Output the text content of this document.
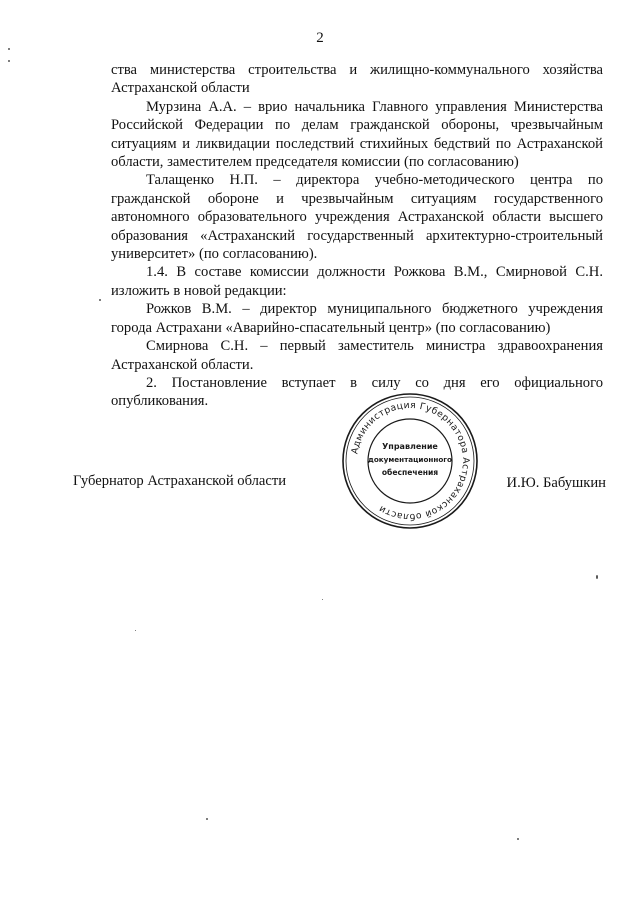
2

ства министерства строительства и жилищно-коммунального хозяйства Астраханской области

Мурзина А.А. – врио начальника Главного управления Министерства Российской Федерации по делам гражданской обороны, чрезвычайным ситуациям и ликвидации последствий стихийных бедствий по Астраханской области, заместителем председателя комиссии (по согласованию)

Талащенко Н.П. – директора учебно-методического центра по гражданской обороне и чрезвычайным ситуациям государственного автономного образовательного учреждения Астраханской области высшего образования «Астраханский государственный архитектурно-строительный университет» (по согласованию).

1.4. В составе комиссии должности Рожкова В.М., Смирновой С.Н. изложить в новой редакции:

Рожков В.М. – директор муниципального бюджетного учреждения города Астрахани «Аварийно-спасательный центр» (по согласованию)

Смирнова С.Н. – первый заместитель министра здравоохранения Астраханской области.

2. Постановление вступает в силу со дня его официального опубликования.

Губернатор Астраханской области	И.Ю. Бабушкин
Администрация Губернатора Астраханской области
Управление
документационного
обеспечения
